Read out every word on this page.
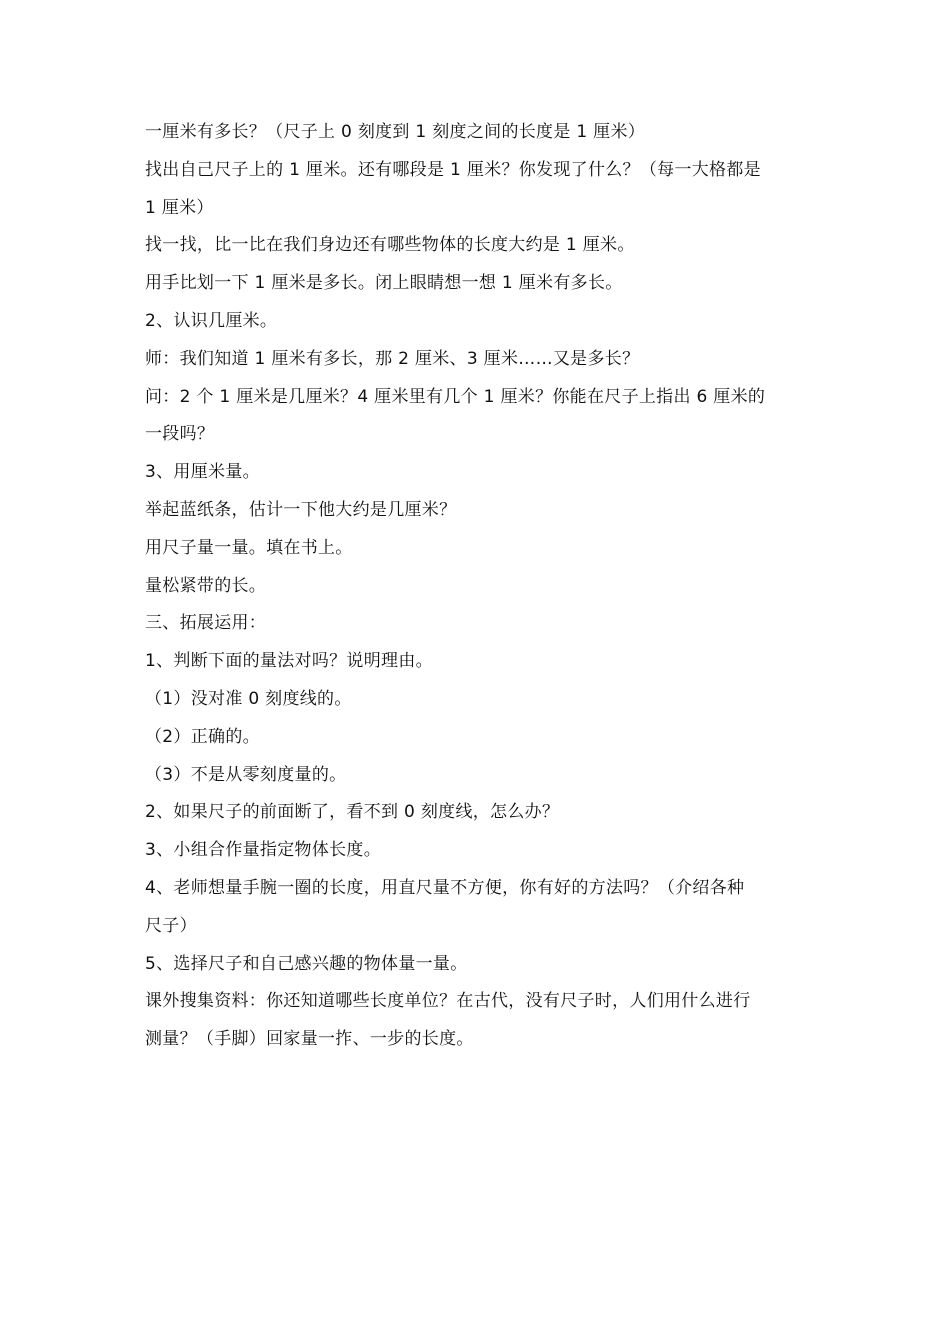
一厘米有多长？（尺子上 0 刻度到 1 刻度之间的长度是 1 厘米）
找出自己尺子上的 1 厘米。还有哪段是 1 厘米？你发现了什么？（每一大格都是
1 厘米）
找一找，比一比在我们身边还有哪些物体的长度大约是 1 厘米。
用手比划一下 1 厘米是多长。闭上眼睛想一想 1 厘米有多长。
2、认识几厘米。
师：我们知道 1 厘米有多长，那 2 厘米、3 厘米……又是多长？
问：2 个 1 厘米是几厘米？4 厘米里有几个 1 厘米？你能在尺子上指出 6 厘米的
一段吗？
3、用厘米量。
举起蓝纸条，估计一下他大约是几厘米？
用尺子量一量。填在书上。
量松紧带的长。
三、拓展运用：
1、判断下面的量法对吗？说明理由。
（1）没对准 0 刻度线的。
（2）正确的。
（3）不是从零刻度量的。
2、如果尺子的前面断了，看不到 0 刻度线，怎么办？
3、小组合作量指定物体长度。
4、老师想量手腕一圈的长度，用直尺量不方便，你有好的方法吗？（介绍各种
尺子）
5、选择尺子和自己感兴趣的物体量一量。
课外搜集资料：你还知道哪些长度单位？在古代，没有尺子时，人们用什么进行
测量？（手脚）回家量一拃、一步的长度。
